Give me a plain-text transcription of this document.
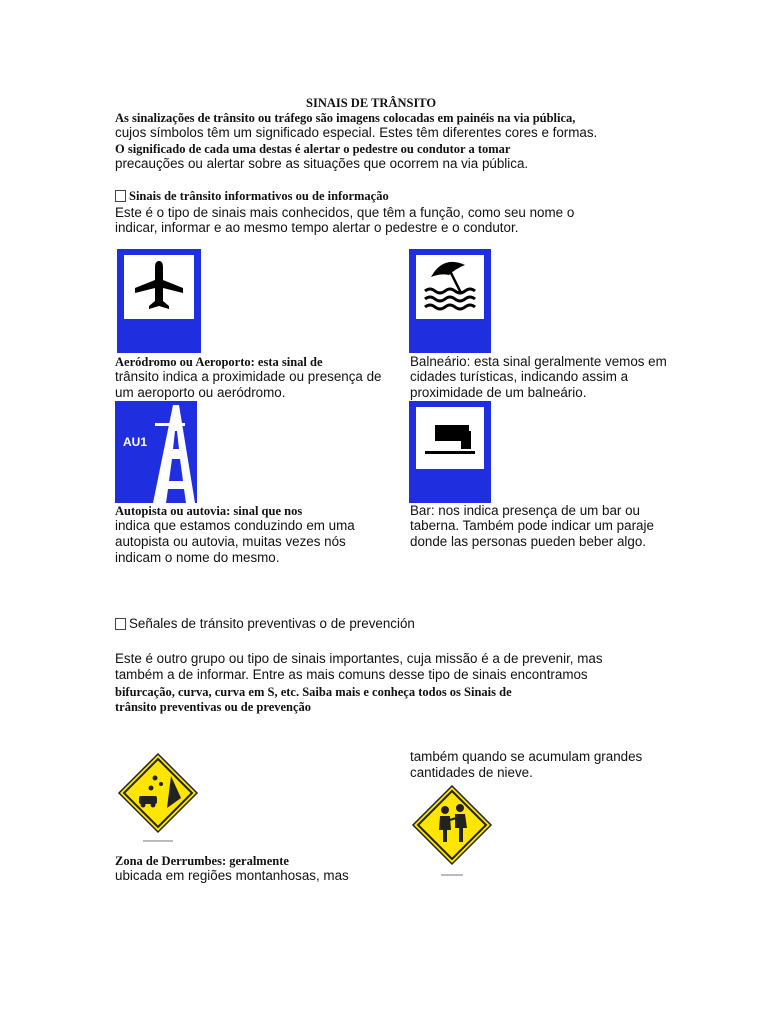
SINAIS DE TRÂNSITO
As sinalizações de trânsito ou tráfego são imagens colocadas em painéis na via pública,
cujos símbolos têm um significado especial. Estes têm diferentes cores e formas.
O significado de cada uma destas é alertar o pedestre ou condutor a tomar
precauções ou alertar sobre as situações que ocorrem na via pública.
Sinais de trânsito informativos ou de informação
Este é o tipo de sinais mais conhecidos, que têm a função, como seu nome o
indicar, informar e ao mesmo tempo alertar o pedestre e o condutor.
Aeródromo ou Aeroporto: esta sinal de
trânsito indica a proximidade ou presença de
um aeroporto ou aeródromo.
Balneário: esta sinal geralmente vemos em
cidades turísticas, indicando assim a
proximidade de um balneário.
AU1
Autopista ou autovia: sinal que nos
indica que estamos conduzindo em uma
autopista ou autovia, muitas vezes nós
indicam o nome do mesmo.
Bar: nos indica presença de um bar ou
taberna. Também pode indicar um paraje
donde las personas pueden beber algo.
Señales de tránsito preventivas o de prevención
Este é outro grupo ou tipo de sinais importantes, cuja missão é a de prevenir, mas
também a de informar. Entre as mais comuns desse tipo de sinais encontramos
bifurcação, curva, curva em S, etc. Saiba mais e conheça todos os Sinais de
trânsito preventivas ou de prevenção
também quando se acumulam grandes
cantidades de nieve.
Zona de Derrumbes: geralmente
ubicada em regiões montanhosas, mas
